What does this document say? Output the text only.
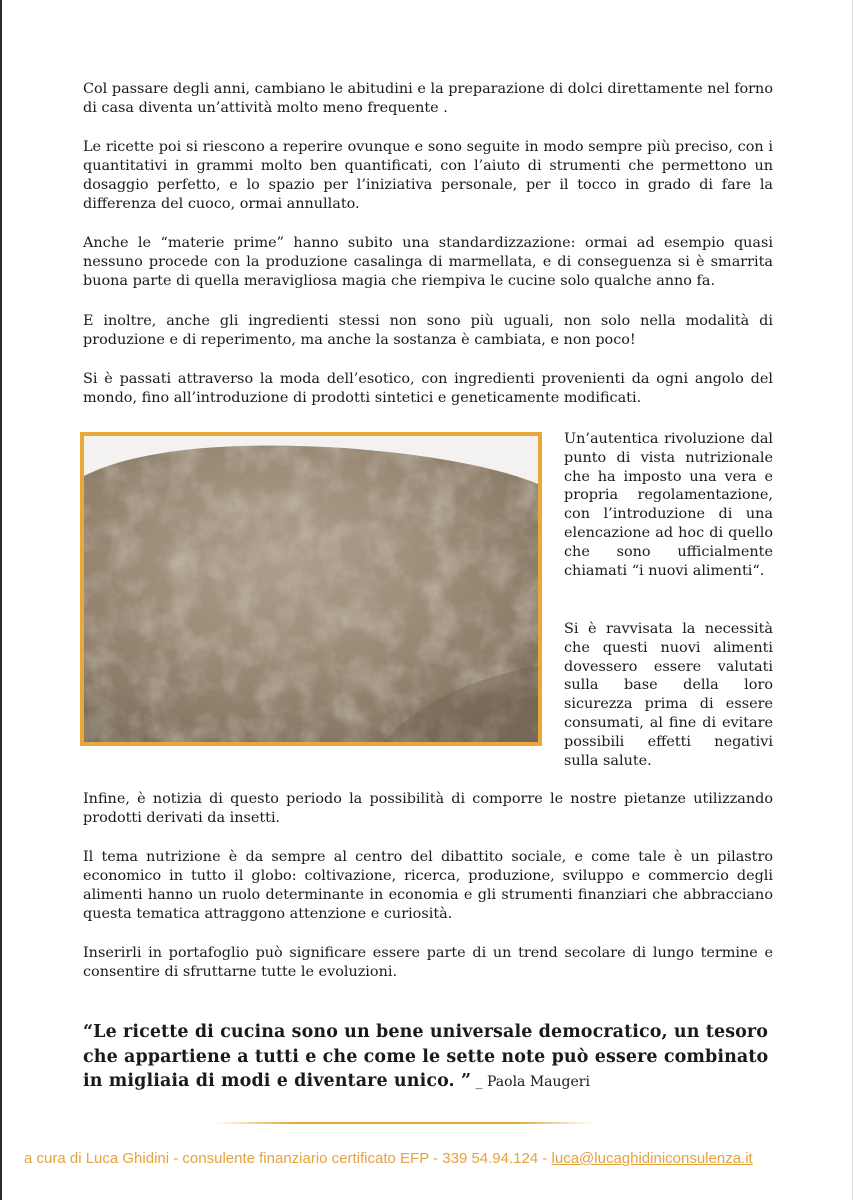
Col passare degli anni, cambiano le abitudini e la preparazione di dolci direttamente nel forno di casa diventa un’attività molto meno frequente .

Le ricette poi si riescono a reperire ovunque e sono seguite in modo sempre più preciso, con i quantitativi in grammi molto ben quantificati, con l’aiuto di strumenti che permettono un dosaggio perfetto, e lo spazio per l’iniziativa personale, per il tocco in grado di fare la differenza del cuoco, ormai annullato.

Anche le “materie prime” hanno subito una standardizzazione: ormai ad esempio quasi nessuno procede con la produzione casalinga di marmellata, e di conseguenza si è smarrita buona parte di quella meravigliosa magia che riempiva le cucine solo qualche anno fa.

E inoltre, anche gli ingredienti stessi non sono più uguali, non solo nella modalità di produzione e di reperimento, ma anche la sostanza è cambiata, e non poco!

Si è passati attraverso la moda dell’esotico, con ingredienti provenienti da ogni angolo del mondo, fino all’introduzione di prodotti sintetici e geneticamente modificati.

Un’autentica rivoluzione dal punto di vista nutrizionale che ha imposto una vera e propria regolamentazione, con l’introduzione di una elencazione ad hoc di quello che sono ufficialmente chiamati “i nuovi alimenti“.

Si è ravvisata la necessità che questi nuovi alimenti dovessero essere valutati sulla base della loro sicurezza prima di essere consumati, al fine di evitare possibili effetti negativi sulla salute.

Infine, è notizia di questo periodo la possibilità di comporre le nostre pietanze utilizzando prodotti derivati da insetti.

Il tema nutrizione è da sempre al centro del dibattito sociale, e come tale è un pilastro economico in tutto il globo: coltivazione, ricerca, produzione, sviluppo e commercio degli alimenti hanno un ruolo determinante in economia e gli strumenti finanziari che abbracciano questa tematica attraggono attenzione e curiosità.

Inserirli in portafoglio può significare essere parte di un trend secolare di lungo termine e consentire di sfruttarne tutte le evoluzioni.

“Le ricette di cucina sono un bene universale democratico, un tesoro che appartiene a tutti e che come le sette note può essere combinato in migliaia di modi e diventare unico. ” _ Paola Maugeri

a cura di Luca Ghidini - consulente finanziario certificato EFP - 339 54.94.124 - luca@lucaghidiniconsulenza.it
